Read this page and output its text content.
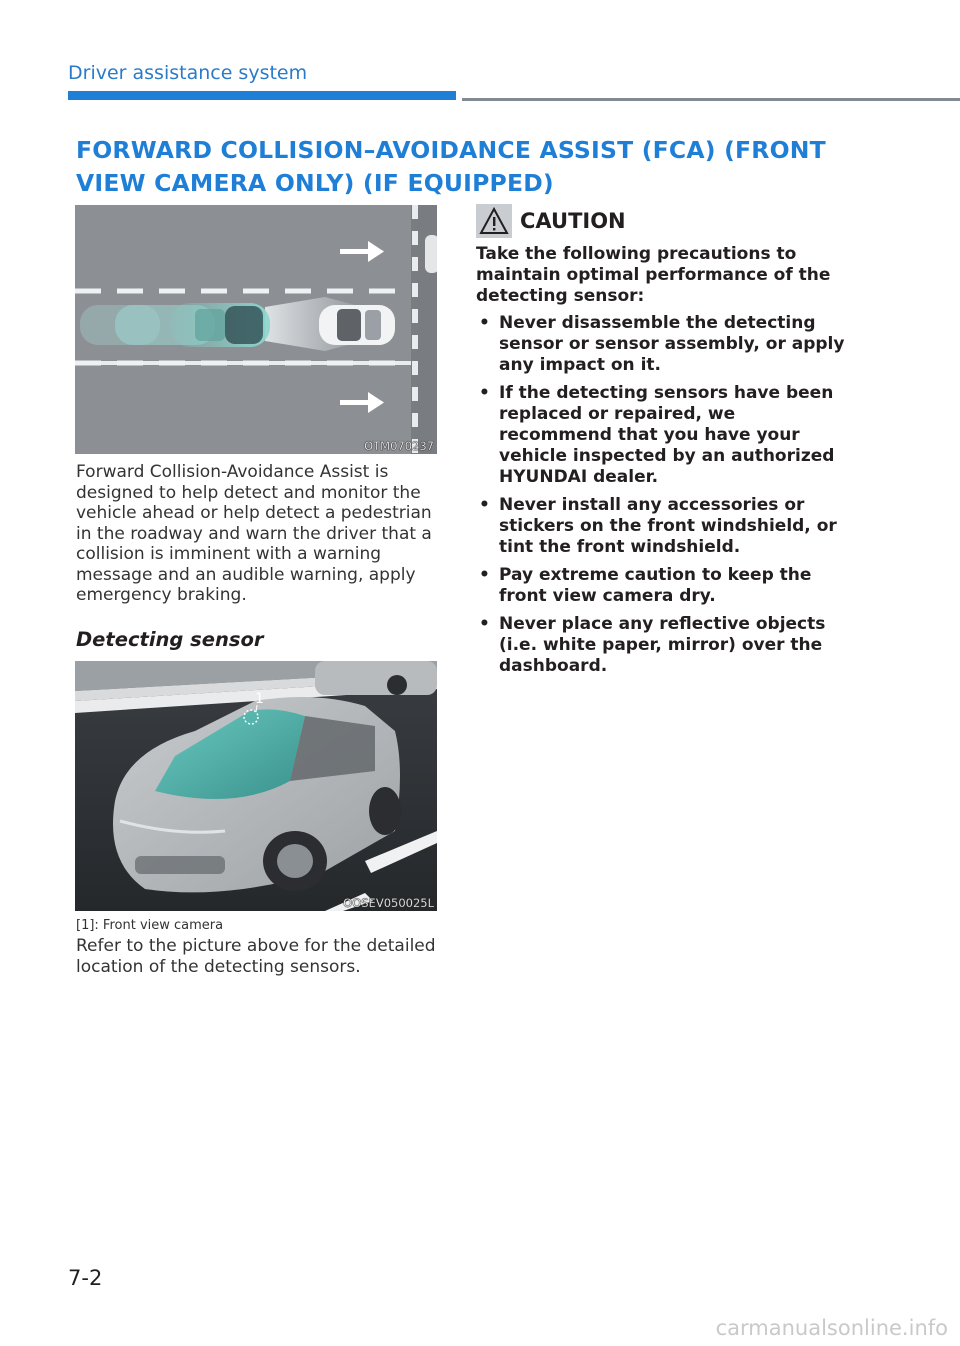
Driver assistance system
FORWARD COLLISION–AVOIDANCE ASSIST (FCA) (FRONT VIEW CAMERA ONLY) (IF EQUIPPED)
OTM070237

Forward Collision-Avoidance Assist is designed to help detect and monitor the vehicle ahead or help detect a pedestrian in the roadway and warn the driver that a collision is imminent with a warning message and an audible warning, apply emergency braking.

Detecting sensor
1
OOSEV050025L
[1]: Front view camera

Refer to the picture above for the detailed location of the detecting sensors.

CAUTION

Take the following precautions to maintain optimal performance of the detecting sensor:

• Never disassemble the detecting sensor or sensor assembly, or apply any impact on it.
• If the detecting sensors have been replaced or repaired, we recommend that you have your vehicle inspected by an authorized HYUNDAI dealer.
• Never install any accessories or stickers on the front windshield, or tint the front windshield.
• Pay extreme caution to keep the front view camera dry.
• Never place any reflective objects (i.e. white paper, mirror) over the dashboard.
7-2
carmanualsonline.info
